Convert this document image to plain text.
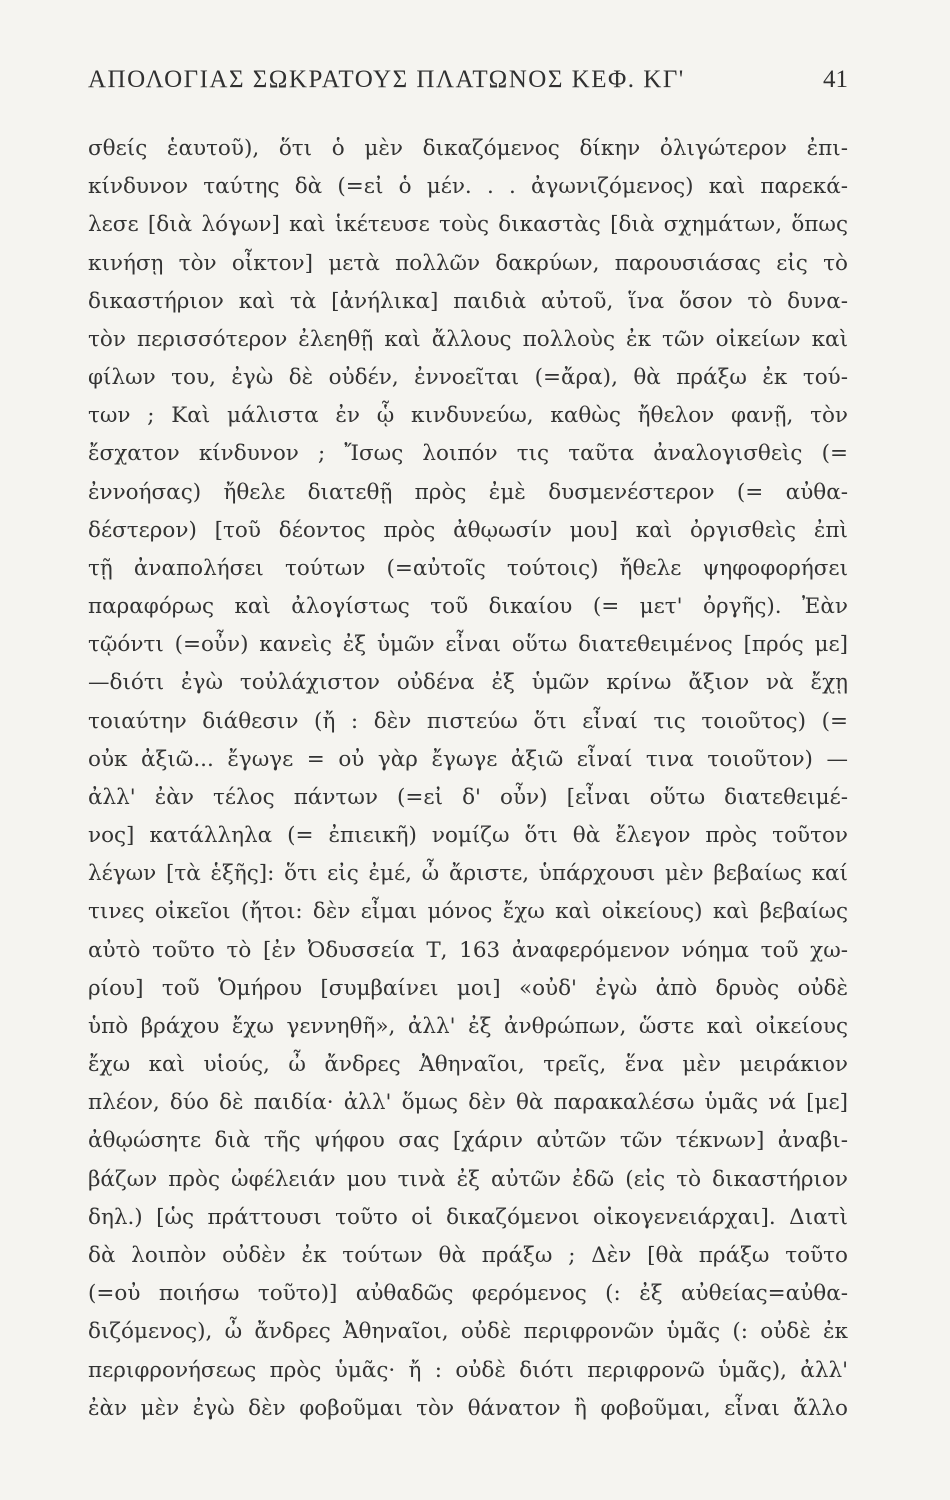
ΑΠΟΛΟΓΙΑΣ ΣΩΚΡΑΤΟΥΣ ΠΛΑΤΩΝΟΣ ΚΕΦ. ΚΓ'	41
σθείς ἑαυτοῦ), ὅτι ὁ μὲν δικαζόμενος δίκην ὀλιγώτερον ἐπι-
κίνδυνον ταύτης δὰ (=εἰ ὁ μέν. . . ἀγωνιζόμενος) καὶ παρεκά-
λεσε [διὰ λόγων] καὶ ἱκέτευσε τοὺς δικαστὰς [διὰ σχημάτων, ὅπως
κινήσῃ τὸν οἶκτον] μετὰ πολλῶν δακρύων, παρουσιάσας εἰς τὸ
δικαστήριον καὶ τὰ [ἀνήλικα] παιδιὰ αὐτοῦ, ἵνα ὅσον τὸ δυνα-
τὸν περισσότερον ἐλεηθῇ καὶ ἄλλους πολλοὺς ἐκ τῶν οἰκείων καὶ
φίλων του, ἐγὼ δὲ οὐδέν, ἐννοεῖται (=ἄρα), θὰ πράξω ἐκ τού-
των ; Καὶ μάλιστα ἐν ᾧ κινδυνεύω, καθὼς ἤθελον φανῇ, τὸν
ἔσχατον κίνδυνον ; Ἴσως λοιπόν τις ταῦτα ἀναλογισθεὶς (=
ἐννοήσας) ἤθελε διατεθῇ πρὸς ἐμὲ δυσμενέστερον (= αὐθα-
δέστερον) [τοῦ δέοντος πρὸς ἀθῳωσίν μου] καὶ ὀργισθεὶς ἐπὶ
τῇ ἀναπολήσει τούτων (=αὐτοῖς τούτοις) ἤθελε ψηφοφορήσει
παραφόρως καὶ ἀλογίστως τοῦ δικαίου (= μετ' ὀργῆς). Ἐὰν
τῷόντι (=οὖν) κανεὶς ἐξ ὑμῶν εἶναι οὕτω διατεθειμένος [πρός με]
—διότι ἐγὼ τοὐλάχιστον οὐδένα ἐξ ὑμῶν κρίνω ἄξιον νὰ ἔχῃ
τοιαύτην διάθεσιν (ἤ : δὲν πιστεύω ὅτι εἶναί τις τοιοῦτος) (=
οὐκ ἀξιῶ... ἔγωγε = οὐ γὰρ ἔγωγε ἀξιῶ εἶναί τινα τοιοῦτον) —
ἀλλ' ἐὰν τέλος πάντων (=εἰ δ' οὖν) [εἶναι οὕτω διατεθειμέ-
νος] κατάλληλα (= ἐπιεικῆ) νομίζω ὅτι θὰ ἔλεγον πρὸς τοῦτον
λέγων [τὰ ἑξῆς]: ὅτι εἰς ἐμέ, ὦ ἄριστε, ὑπάρχουσι μὲν βεβαίως καί
τινες οἰκεῖοι (ἤτοι: δὲν εἶμαι μόνος ἔχω καὶ οἰκείους) καὶ βεβαίως
αὐτὸ τοῦτο τὸ [ἐν Ὀδυσσεία Τ, 163 ἀναφερόμενον νόημα τοῦ χω-
ρίου] τοῦ Ὁμήρου [συμβαίνει μοι] «οὐδ' ἐγὼ ἀπὸ δρυὸς οὐδὲ
ὑπὸ βράχου ἔχω γεννηθῆ», ἀλλ' ἐξ ἀνθρώπων, ὥστε καὶ οἰκείους
ἔχω καὶ υἱούς, ὦ ἄνδρες Ἀθηναῖοι, τρεῖς, ἕνα μὲν μειράκιον
πλέον, δύο δὲ παιδία· ἀλλ' ὅμως δὲν θὰ παρακαλέσω ὑμᾶς νά [με]
ἀθῳώσητε διὰ τῆς ψήφου σας [χάριν αὐτῶν τῶν τέκνων] ἀναβι-
βάζων πρὸς ὠφέλειάν μου τινὰ ἐξ αὐτῶν ἐδῶ (εἰς τὸ δικαστήριον
δηλ.) [ὡς πράττουσι τοῦτο οἱ δικαζόμενοι οἰκογενειάρχαι]. Διατὶ
δὰ λοιπὸν οὐδὲν ἐκ τούτων θὰ πράξω ; Δὲν [θὰ πράξω τοῦτο
(=οὐ ποιήσω τοῦτο)] αὐθαδῶς φερόμενος (: ἐξ αὐθείας=αὐθα-
διζόμενος), ὦ ἄνδρες Ἀθηναῖοι, οὐδὲ περιφρονῶν ὑμᾶς (: οὐδὲ ἐκ
περιφρονήσεως πρὸς ὑμᾶς· ἤ : οὐδὲ διότι περιφρονῶ ὑμᾶς), ἀλλ'
ἐὰν μὲν ἐγὼ δὲν φοβοῦμαι τὸν θάνατον ἢ φοβοῦμαι, εἶναι ἄλλο
